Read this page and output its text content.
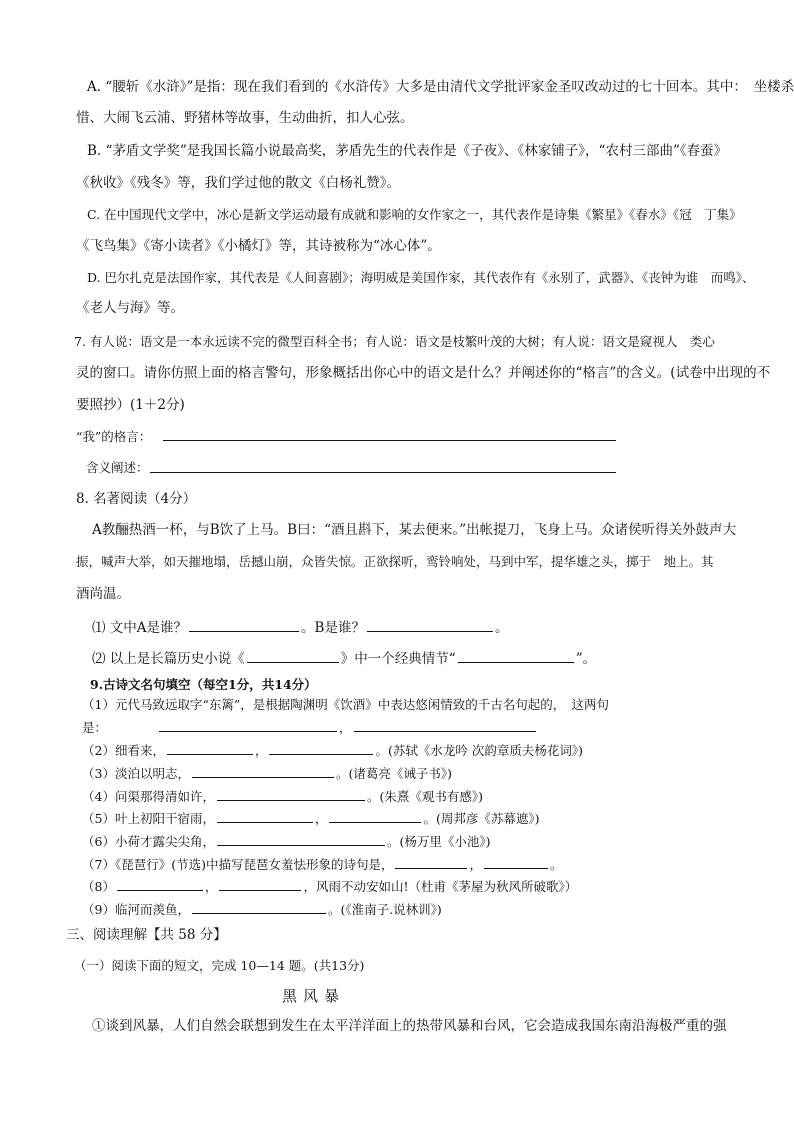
A. “腰斩《水浒》”是指：现在我们看到的《水浒传》大多是由清代文学批评家金圣叹改动过的七十回本。其中：　坐楼杀
惜、大闹飞云浦、野猪林等故事，生动曲折，扣人心弦。
B. “茅盾文学奖”是我国长篇小说最高奖，茅盾先生的代表作是《子夜》、《林家铺子》，“农村三部曲”《春蚕》
《秋收》《残冬》等，我们学过他的散文《白杨礼赞》。
C. 在中国现代文学中，冰心是新文学运动最有成就和影响的女作家之一，其代表作是诗集《繁星》《春水》《冠　丁集》
《飞鸟集》《寄小读者》《小橘灯》等，其诗被称为“冰心体”。
D. 巴尔扎克是法国作家，其代表是《人间喜剧》；海明威是美国作家，其代表作有《永别了，武器》、《丧钟为谁　而鸣》、
《老人与海》等。
7. 有人说：语文是一本永远读不完的微型百科全书；有人说：语文是枝繁叶茂的大树；有人说：语文是窥视人　类心
灵的窗口。请你仿照上面的格言警句，形象概括出你心中的语文是什么？并阐述你的“格言”的含义。(试卷中出现的不
要照抄）(1＋2分)
“我”的格言：
含义阐述：
8. 名著阅读（4分）
A教酾热酒一杯，与B饮了上马。B曰：“酒且斟下，某去便来。”出帐提刀，飞身上马。众诸侯听得关外鼓声大
振，喊声大举，如天摧地塌，岳撼山崩，众皆失惊。正欲探听，鸾铃响处，马到中军，提华雄之头，掷于　地上。其
酒尚温。
⑴ 文中A是谁？	。B是谁？	。
⑵ 以上是长篇历史小说《	》中一个经典情节“	”。
9.古诗文名句填空（每空1分，共14分）
（1）元代马致远取字“东篱”，是根据陶渊明《饮酒》中表达悠闲情致的千古名句起的，　这两句
是：	，
（2）细看来，	，	。(苏轼《水龙吟 次韵章质夫杨花词》)
（3）淡泊以明志，	。(诸葛亮《诫子书》)
（4）问渠那得清如许，	。(朱熹《观书有感》)
（5）叶上初阳干宿雨，	，	。(周邦彦《苏幕遮》)
（6）小荷才露尖尖角，	。(杨万里《小池》)
（7）《琵琶行》(节选)中描写琵琶女羞怯形象的诗句是，	，	。
（8）	，	，风雨不动安如山!（杜甫《茅屋为秋风所破歌》）
（9）临河而羡鱼，	。(《淮南子.说林训》)
三、阅读理解【共 58 分】
（一）阅读下面的短文，完成 10—14 题。(共13分)
黑风暴
①谈到风暴，人们自然会联想到发生在太平洋洋面上的热带风暴和台风，它会造成我国东南沿海极严重的强
